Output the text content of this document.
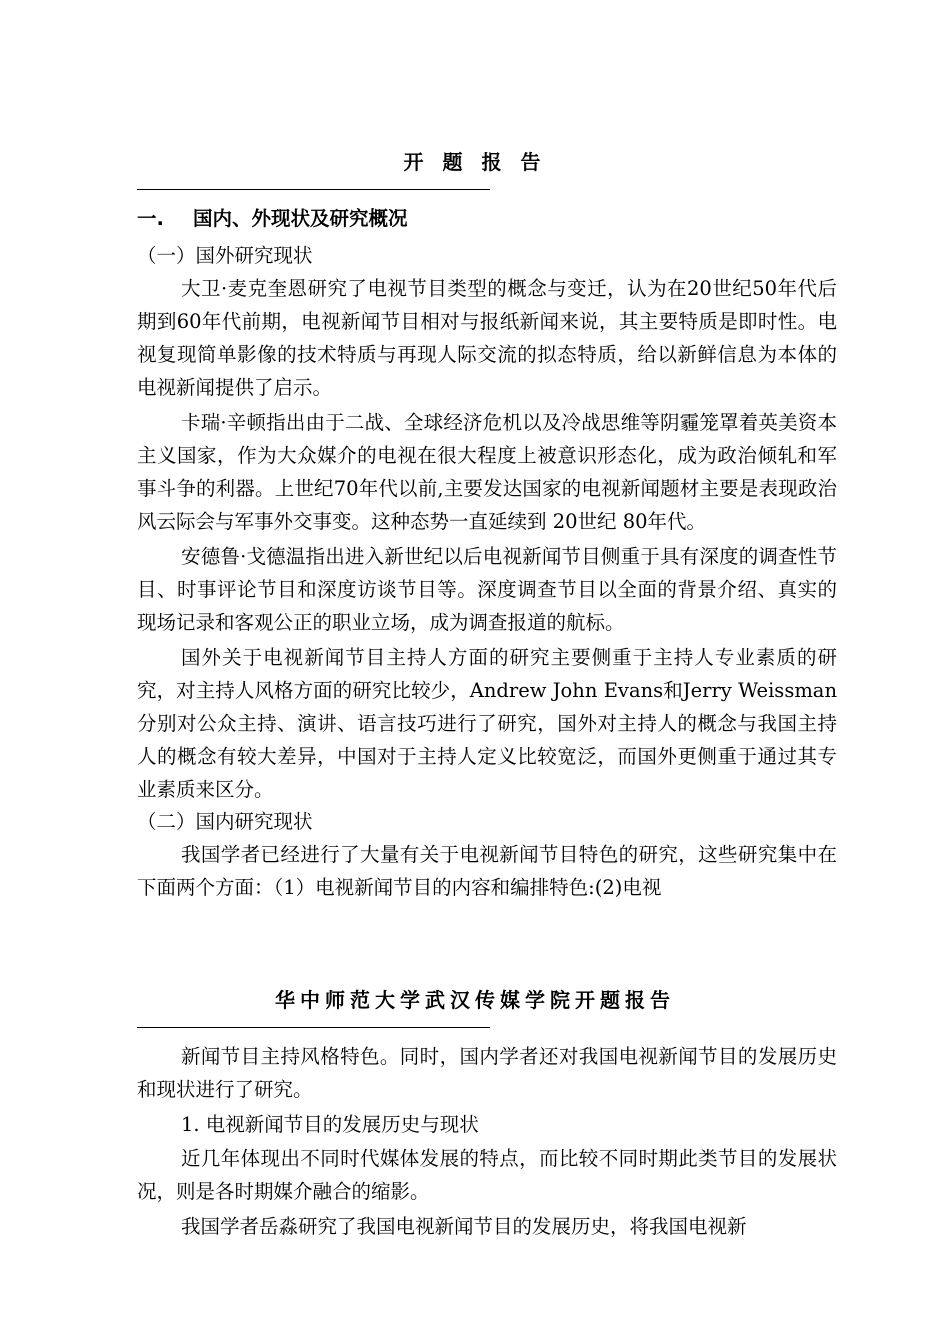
开 题 报 告

一. 国内、外现状及研究概况

（一）国外研究现状

大卫·麦克奎恩研究了电视节目类型的概念与变迁，认为在20世纪50年代后期到60年代前期，电视新闻节目相对与报纸新闻来说，其主要特质是即时性。电视复现简单影像的技术特质与再现人际交流的拟态特质，给以新鲜信息为本体的电视新闻提供了启示。

卡瑞·辛顿指出由于二战、全球经济危机以及冷战思维等阴霾笼罩着英美资本主义国家，作为大众媒介的电视在很大程度上被意识形态化，成为政治倾轧和军事斗争的利器。上世纪70年代以前,主要发达国家的电视新闻题材主要是表现政治风云际会与军事外交事变。这种态势一直延续到 20世纪 80年代。

安德鲁·戈德温指出进入新世纪以后电视新闻节目侧重于具有深度的调查性节目、时事评论节目和深度访谈节目等。深度调查节目以全面的背景介绍、真实的现场记录和客观公正的职业立场，成为调查报道的航标。

国外关于电视新闻节目主持人方面的研究主要侧重于主持人专业素质的研究，对主持人风格方面的研究比较少，Andrew John Evans和Jerry Weissman分别对公众主持、演讲、语言技巧进行了研究，国外对主持人的概念与我国主持人的概念有较大差异，中国对于主持人定义比较宽泛，而国外更侧重于通过其专业素质来区分。

（二）国内研究现状

我国学者已经进行了大量有关于电视新闻节目特色的研究，这些研究集中在下面两个方面：（1）电视新闻节目的内容和编排特色:(2)电视

华中师范大学武汉传媒学院开题报告

新闻节目主持风格特色。同时，国内学者还对我国电视新闻节目的发展历史和现状进行了研究。

1. 电视新闻节目的发展历史与现状

近几年体现出不同时代媒体发展的特点，而比较不同时期此类节目的发展状况，则是各时期媒介融合的缩影。

我国学者岳淼研究了我国电视新闻节目的发展历史，将我国电视新
